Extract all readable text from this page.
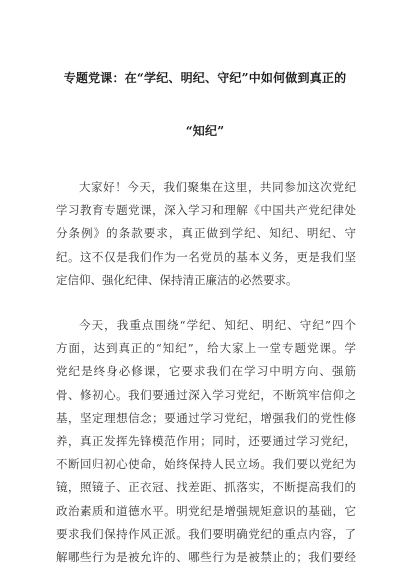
专题党课：在“学纪、明纪、守纪”中如何做到真正的
“知纪”
大家好！今天，我们聚集在这里，共同参加这次党纪
学习教育专题党课，深入学习和理解《中国共产党纪律处
分条例》的条款要求，真正做到学纪、知纪、明纪、守
纪。这不仅是我们作为一名党员的基本义务，更是我们坚
定信仰、强化纪律、保持清正廉洁的必然要求。
今天，我重点围绕“学纪、知纪、明纪、守纪”四个
方面，达到真正的“知纪”，给大家上一堂专题党课。学
党纪是终身必修课，它要求我们在学习中明方向、强筋
骨、修初心。我们要通过深入学习党纪，不断筑牢信仰之
基，坚定理想信念；要通过学习党纪，增强我们的党性修
养，真正发挥先锋模范作用；同时，还要通过学习党纪，
不断回归初心使命，始终保持人民立场。我们要以党纪为
镜，照镜子、正衣冠、找差距、抓落实，不断提高我们的
政治素质和道德水平。明党纪是增强规矩意识的基础，它
要求我们保持作风正派。我们要明确党纪的重点内容，了
解哪些行为是被允许的、哪些行为是被禁止的；我们要经
